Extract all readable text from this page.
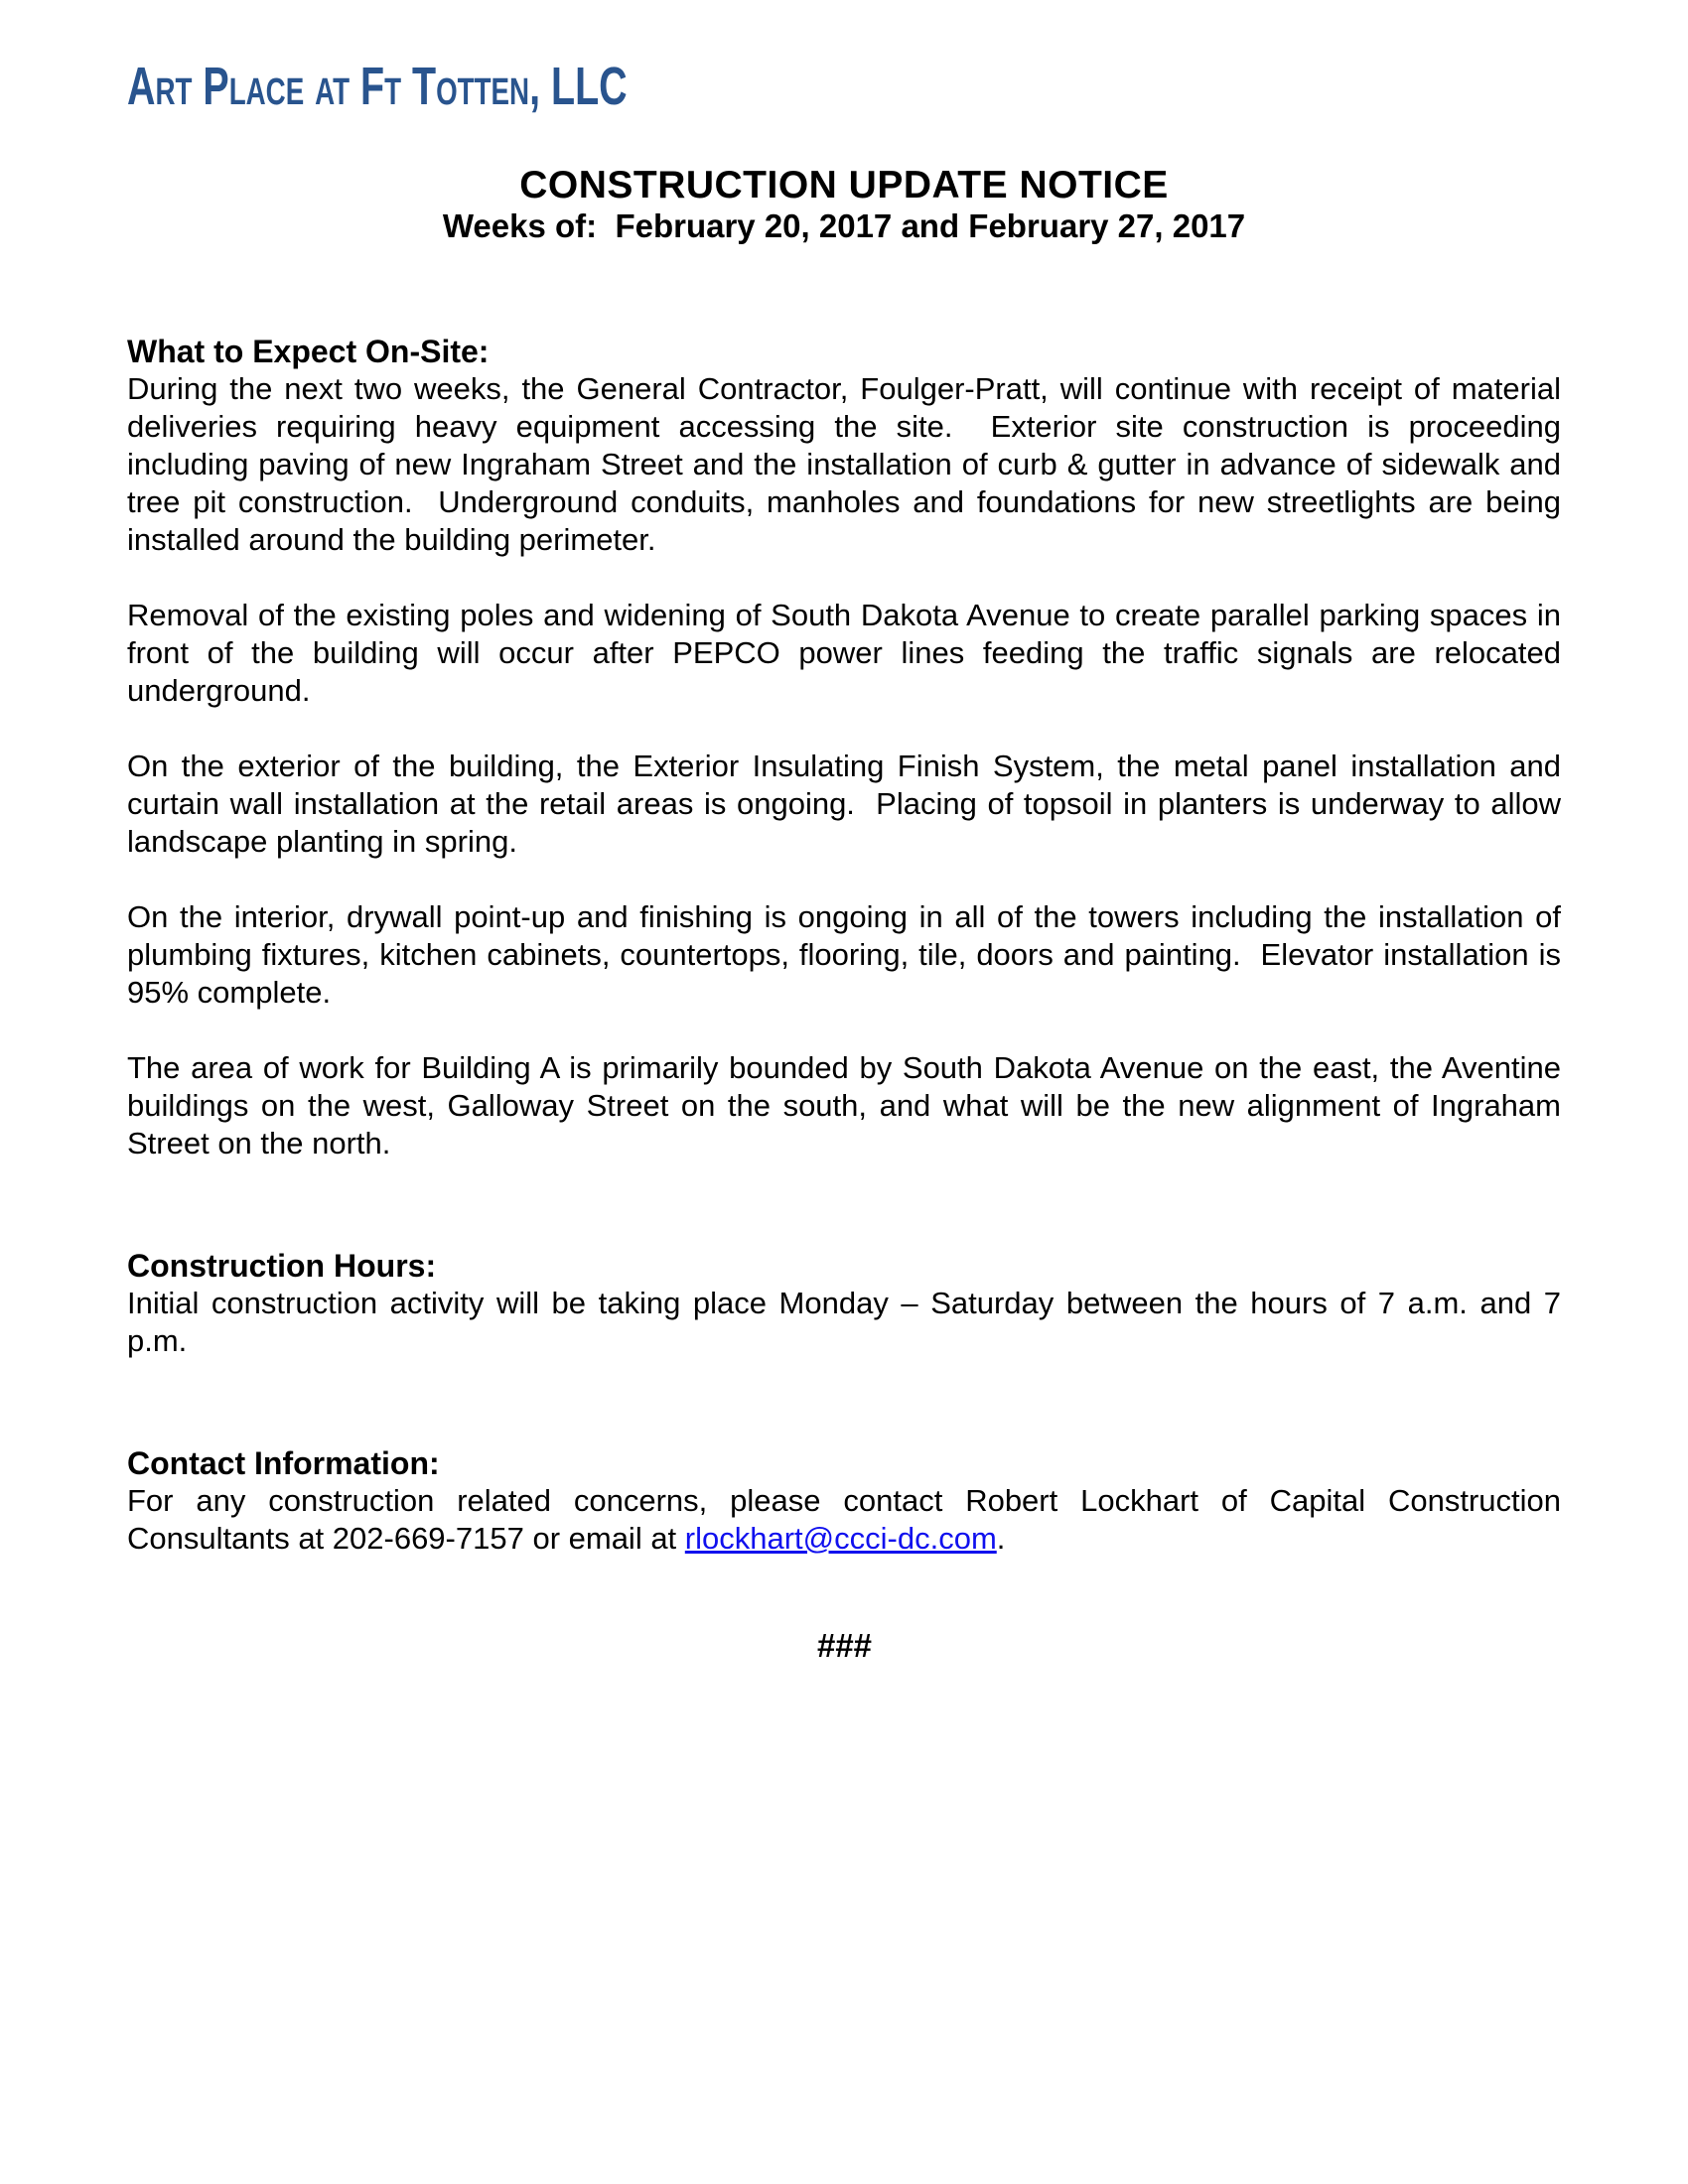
Art Place at Ft Totten, LLC
CONSTRUCTION UPDATE NOTICE
Weeks of:  February 20, 2017 and February 27, 2017
What to Expect On-Site:

During the next two weeks, the General Contractor, Foulger-Pratt, will continue with receipt of material deliveries requiring heavy equipment accessing the site.  Exterior site construction is proceeding including paving of new Ingraham Street and the installation of curb & gutter in advance of sidewalk and tree pit construction.  Underground conduits, manholes and foundations for new streetlights are being installed around the building perimeter.

Removal of the existing poles and widening of South Dakota Avenue to create parallel parking spaces in front of the building will occur after PEPCO power lines feeding the traffic signals are relocated underground.

On the exterior of the building, the Exterior Insulating Finish System, the metal panel installation and curtain wall installation at the retail areas is ongoing.  Placing of topsoil in planters is underway to allow landscape planting in spring.

On the interior, drywall point-up and finishing is ongoing in all of the towers including the installation of plumbing fixtures, kitchen cabinets, countertops, flooring, tile, doors and painting.  Elevator installation is 95% complete.

The area of work for Building A is primarily bounded by South Dakota Avenue on the east, the Aventine buildings on the west, Galloway Street on the south, and what will be the new alignment of Ingraham Street on the north.

Construction Hours:

Initial construction activity will be taking place Monday – Saturday between the hours of 7 a.m. and 7 p.m.

Contact Information:

For any construction related concerns, please contact Robert Lockhart of Capital Construction Consultants at 202-669-7157 or email at rlockhart@ccci-dc.com.

###
